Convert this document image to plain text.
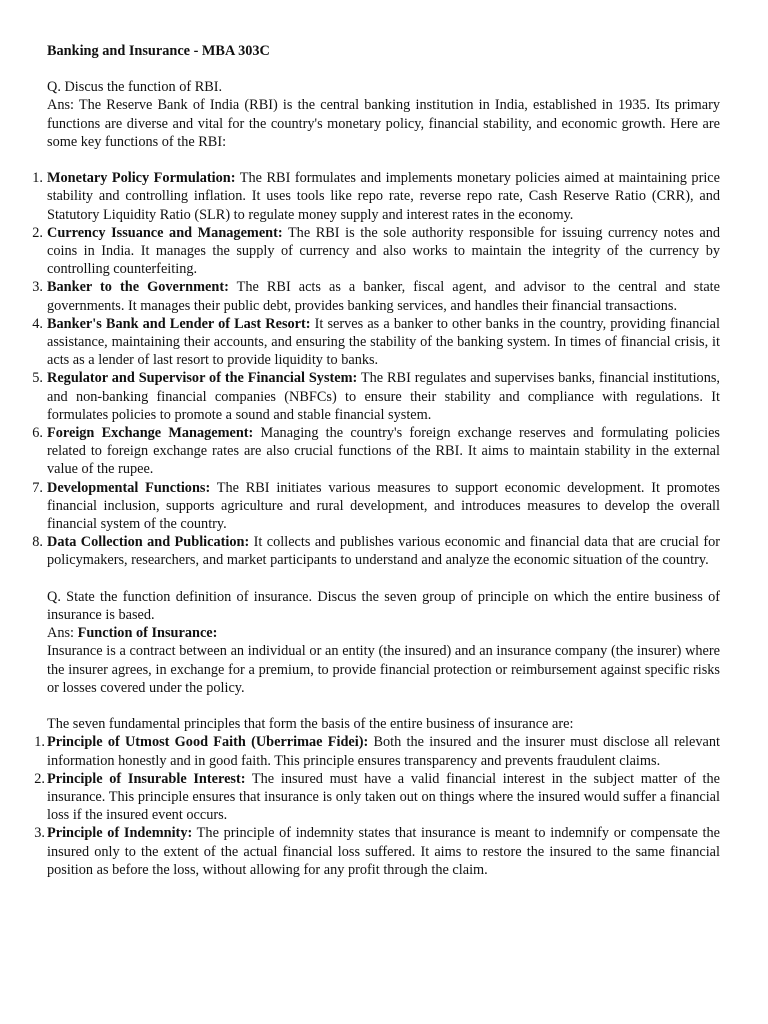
Banking and Insurance - MBA 303C

Q. Discus the function of RBI.

Ans: The Reserve Bank of India (RBI) is the central banking institution in India, established in 1935. Its primary functions are diverse and vital for the country's monetary policy, financial stability, and economic growth. Here are some key functions of the RBI:

1. Monetary Policy Formulation: The RBI formulates and implements monetary policies aimed at maintaining price stability and controlling inflation. It uses tools like repo rate, reverse repo rate, Cash Reserve Ratio (CRR), and Statutory Liquidity Ratio (SLR) to regulate money supply and interest rates in the economy.
2. Currency Issuance and Management: The RBI is the sole authority responsible for issuing currency notes and coins in India. It manages the supply of currency and also works to maintain the integrity of the currency by controlling counterfeiting.
3. Banker to the Government: The RBI acts as a banker, fiscal agent, and advisor to the central and state governments. It manages their public debt, provides banking services, and handles their financial transactions.
4. Banker's Bank and Lender of Last Resort: It serves as a banker to other banks in the country, providing financial assistance, maintaining their accounts, and ensuring the stability of the banking system. In times of financial crisis, it acts as a lender of last resort to provide liquidity to banks.
5. Regulator and Supervisor of the Financial System: The RBI regulates and supervises banks, financial institutions, and non-banking financial companies (NBFCs) to ensure their stability and compliance with regulations. It formulates policies to promote a sound and stable financial system.
6. Foreign Exchange Management: Managing the country's foreign exchange reserves and formulating policies related to foreign exchange rates are also crucial functions of the RBI. It aims to maintain stability in the external value of the rupee.
7. Developmental Functions: The RBI initiates various measures to support economic development. It promotes financial inclusion, supports agriculture and rural development, and introduces measures to develop the overall financial system of the country.
8. Data Collection and Publication: It collects and publishes various economic and financial data that are crucial for policymakers, researchers, and market participants to understand and analyze the economic situation of the country.

Q. State the function definition of insurance. Discus the seven group of principle on which the entire business of insurance is based.

Ans: Function of Insurance:

Insurance is a contract between an individual or an entity (the insured) and an insurance company (the insurer) where the insurer agrees, in exchange for a premium, to provide financial protection or reimbursement against specific risks or losses covered under the policy.

The seven fundamental principles that form the basis of the entire business of insurance are:

1. Principle of Utmost Good Faith (Uberrimae Fidei): Both the insured and the insurer must disclose all relevant information honestly and in good faith. This principle ensures transparency and prevents fraudulent claims.
2. Principle of Insurable Interest: The insured must have a valid financial interest in the subject matter of the insurance. This principle ensures that insurance is only taken out on things where the insured would suffer a financial loss if the insured event occurs.
3. Principle of Indemnity: The principle of indemnity states that insurance is meant to indemnify or compensate the insured only to the extent of the actual financial loss suffered. It aims to restore the insured to the same financial position as before the loss, without allowing for any profit through the claim.
